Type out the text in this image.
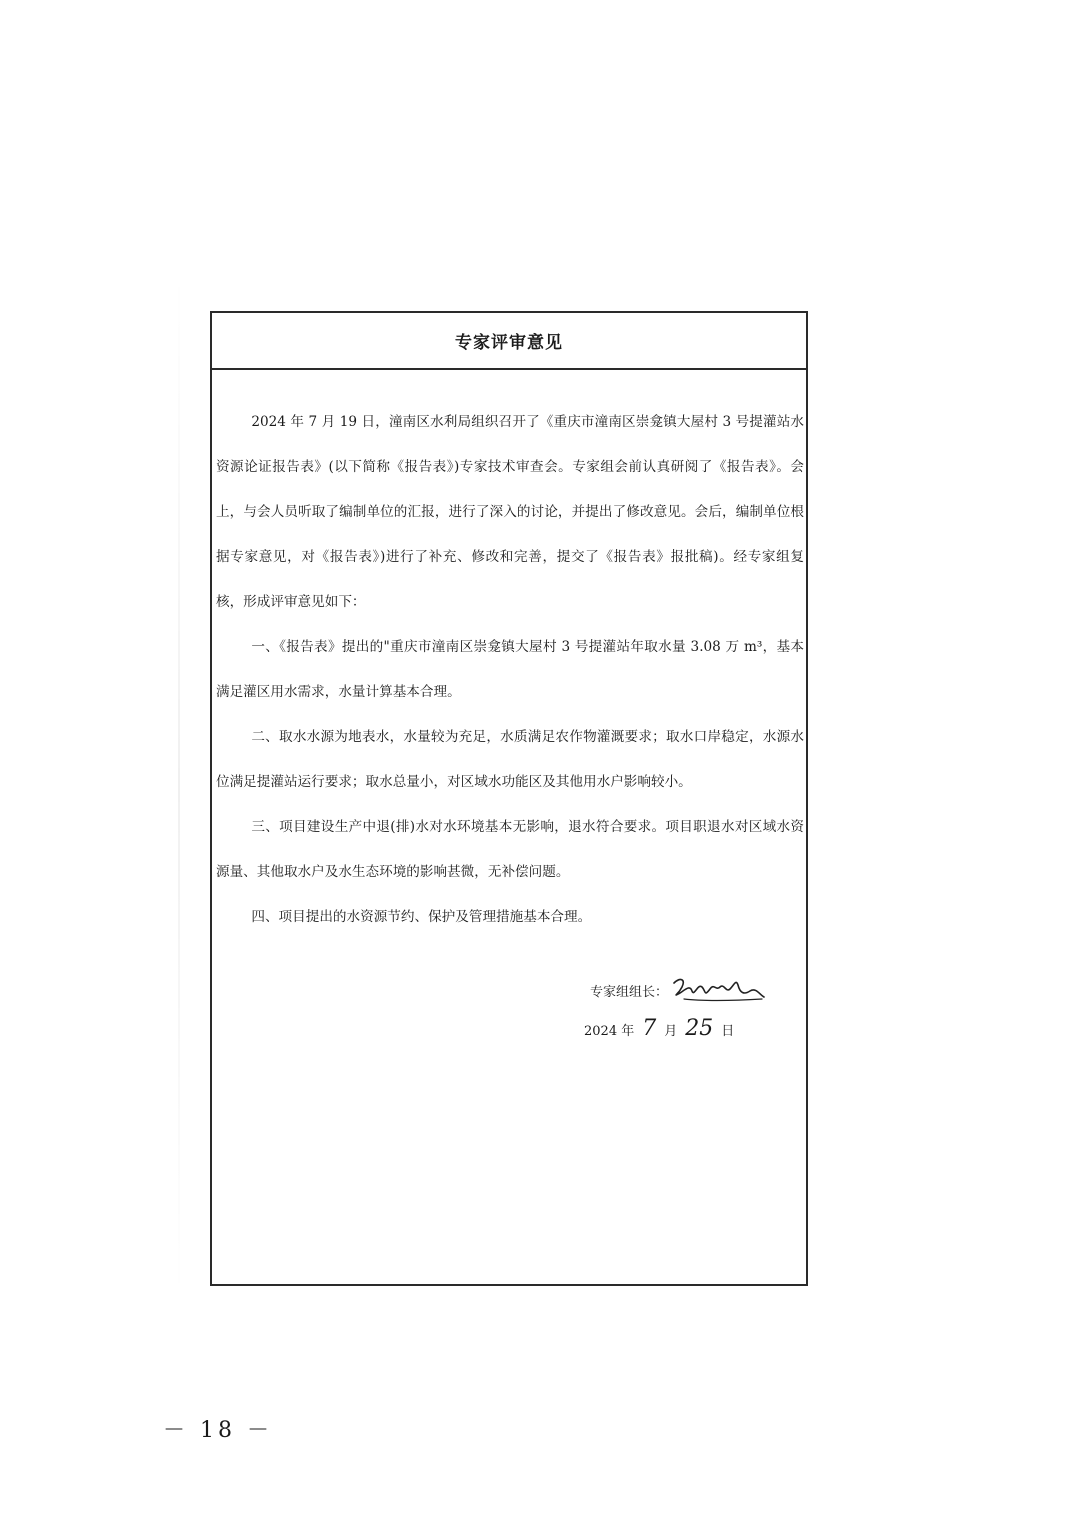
专家评审意见

2024 年 7 月 19 日，潼南区水利局组织召开了《重庆市潼南区崇龛镇大屋村 3 号提灌站水资源论证报告表》(以下简称《报告表》)专家技术审查会。专家组会前认真研阅了《报告表》。会上，与会人员听取了编制单位的汇报，进行了深入的讨论，并提出了修改意见。会后，编制单位根据专家意见，对《报告表》)进行了补充、修改和完善，提交了《报告表》报批稿)。经专家组复核，形成评审意见如下：

一、《报告表》提出的"重庆市潼南区崇龛镇大屋村 3 号提灌站年取水量 3.08 万 m³，基本满足灌区用水需求，水量计算基本合理。

二、取水水源为地表水，水量较为充足，水质满足农作物灌溉要求；取水口岸稳定，水源水位满足提灌站运行要求；取水总量小，对区域水功能区及其他用水户影响较小。

三、项目建设生产中退(排)水对水环境基本无影响，退水符合要求。项目职退水对区域水资源量、其他取水户及水生态环境的影响甚微，无补偿问题。

四、项目提出的水资源节约、保护及管理措施基本合理。

专家组组长：
2024 年 7 月 25 日
－ 18 －
